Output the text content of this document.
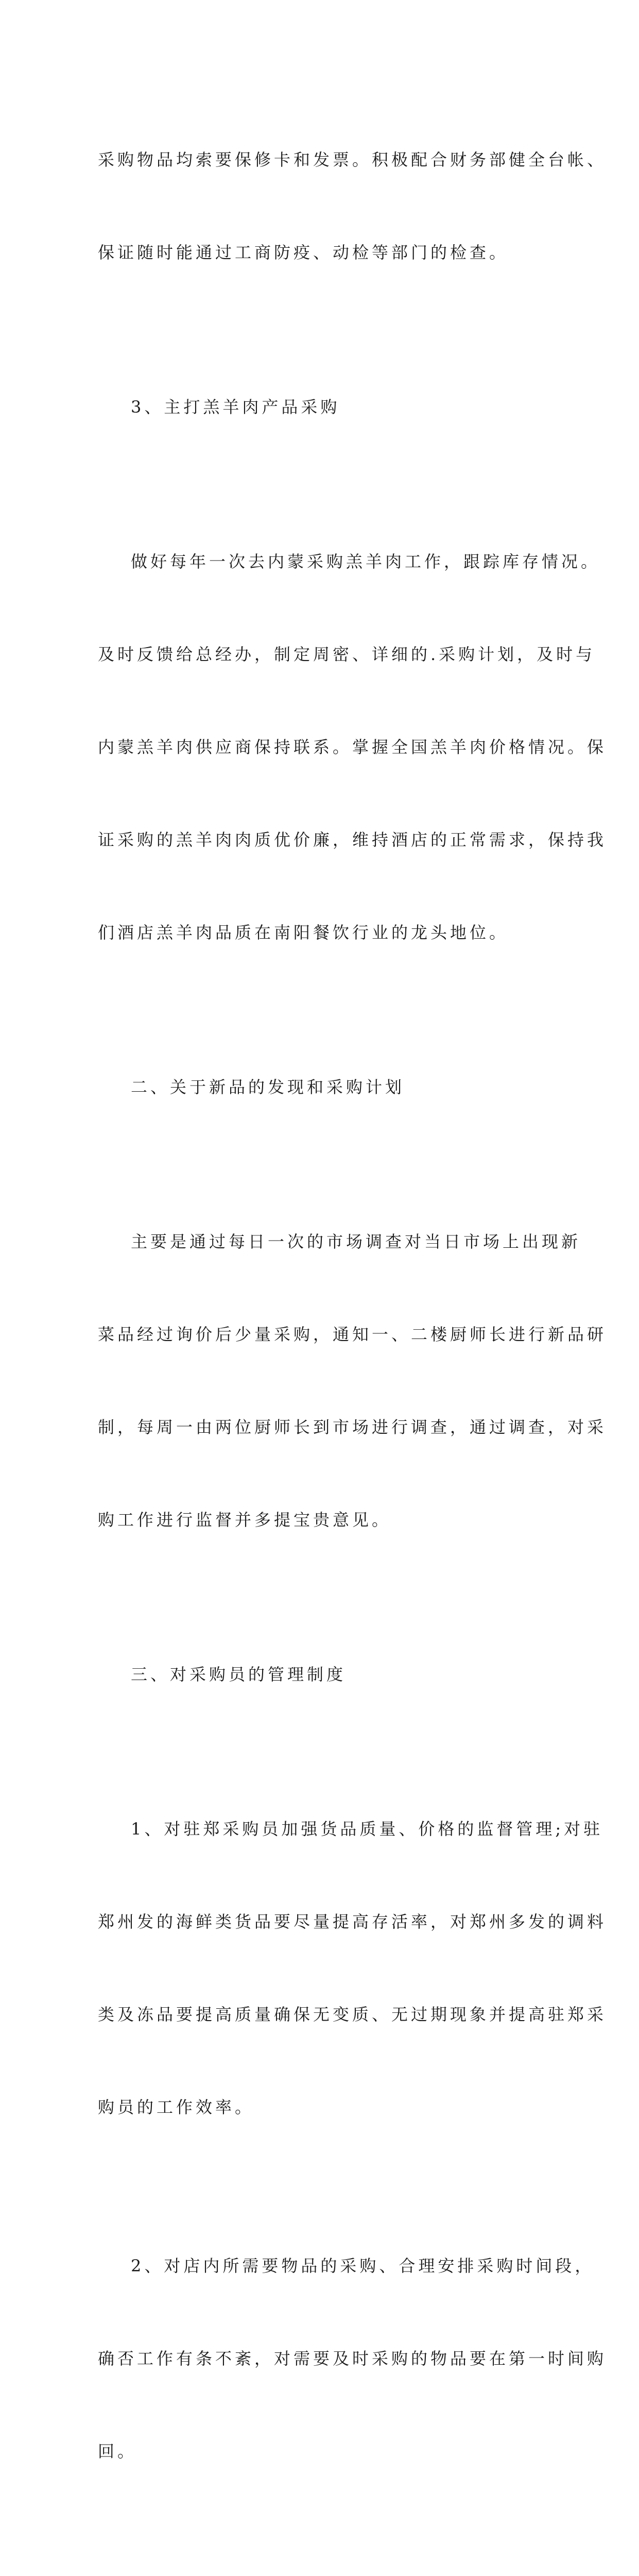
采购物品均索要保修卡和发票。积极配合财务部健全台帐、

保证随时能通过工商防疫、动检等部门的检查。

3、主打羔羊肉产品采购

做好每年一次去内蒙采购羔羊肉工作，跟踪库存情况。

及时反馈给总经办，制定周密、详细的.采购计划，及时与

内蒙羔羊肉供应商保持联系。掌握全国羔羊肉价格情况。保

证采购的羔羊肉肉质优价廉，维持酒店的正常需求，保持我

们酒店羔羊肉品质在南阳餐饮行业的龙头地位。

二、关于新品的发现和采购计划

主要是通过每日一次的市场调查对当日市场上出现新

菜品经过询价后少量采购，通知一、二楼厨师长进行新品研

制，每周一由两位厨师长到市场进行调查，通过调查，对采

购工作进行监督并多提宝贵意见。

三、对采购员的管理制度

1、对驻郑采购员加强货品质量、价格的监督管理;对驻

郑州发的海鲜类货品要尽量提高存活率，对郑州多发的调料

类及冻品要提高质量确保无变质、无过期现象并提高驻郑采

购员的工作效率。

2、对店内所需要物品的采购、合理安排采购时间段，

确否工作有条不紊，对需要及时采购的物品要在第一时间购

回。
